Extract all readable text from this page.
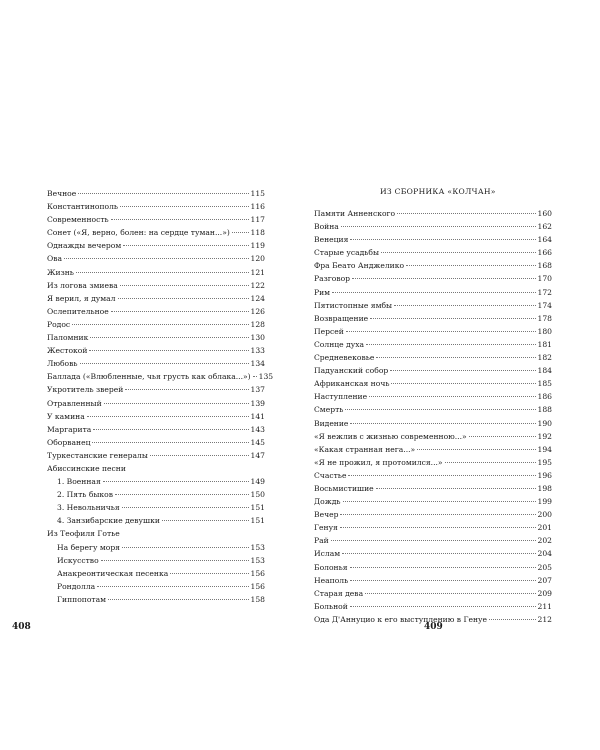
Вечное	115
Константинополь	116
Современность	117
Сонет («Я, верно, болен: на сердце туман...»)	118
Однажды вечером	119
Ова	120
Жизнь	121
Из логова змиева	122
Я верил, я думал	124
Ослепительное	126
Родос	128
Паломник	130
Жестокой	133
Любовь	134
Баллада («Влюбленные, чья грусть как облака...») 135
Укротитель зверей	137
Отравленный	139
У камина	141
Маргарита	143
Оборванец	145
Туркестанские генералы	147
Абиссинские песни
1. Военная	149
2. Пять быков	150
3. Невольничья	151
4. Занзибарские девушки	151
Из Теофиля Готье
На берегу моря	153
Искусство	153
Анакреонтическая песенка	156
Рондолла	156
Гиппопотам	158
408
ИЗ СБОРНИКА «КОЛЧАН»
Памяти Анненского	160
Война	162
Венеция	164
Старые усадьбы	166
Фра Беато Анджелико	168
Разговор	170
Рим	172
Пятистопные ямбы	174
Возвращение	178
Персей	180
Солнце духа	181
Средневековье	182
Падуанский собор	184
Африканская ночь	185
Наступление	186
Смерть	188
Видение	190
«Я вежлив с жизнью современною...»	192
«Какая странная нега...»	194
«Я не прожил, я протомился...»	195
Счастье	196
Восьмистишие	198
Дождь	199
Вечер	200
Генуя	201
Рай	202
Ислам	204
Болонья	205
Неаполь	207
Старая дева	209
Больной	211
Ода Д'Аннуцио к его выступлению в Генуе	212
409
